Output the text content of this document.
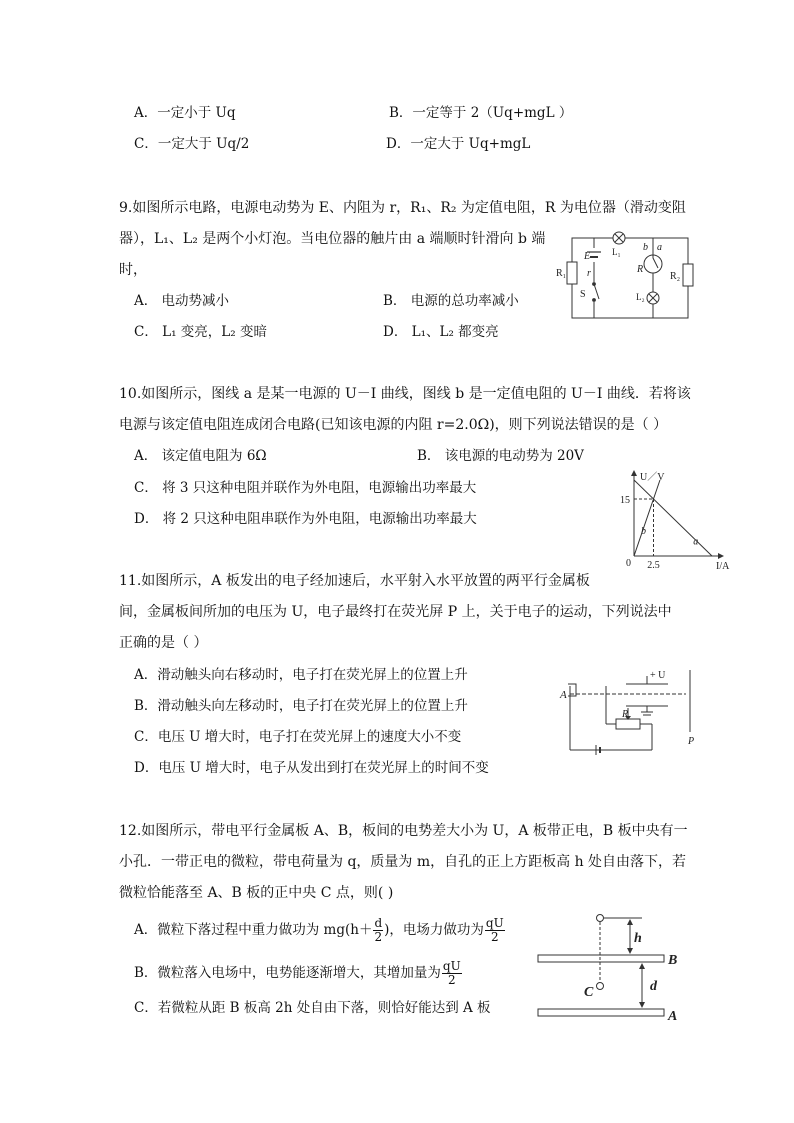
A．一定小于 Uq	B．一定等于 2（Uq+mgL ）
C．一定大于 Uq/2	D．一定大于 Uq+mgL
9.如图所示电路，电源电动势为 E、内阻为 r，R₁、R₂ 为定值电阻，R 为电位器（滑动变阻
器），L₁、L₂ 是两个小灯泡。当电位器的触片由 a 端顺时针滑向 b 端
时，
A． 电动势减小	B． 电源的总功率减小
C． L₁ 变亮，L₂ 变暗	D． L₁、L₂ 都变亮
E
r
S
R₁	R₂
R
L₁
L₂
a
b
10.如图所示，图线 a 是某一电源的 U－I 曲线，图线 b 是一定值电阻的 U－I 曲线．若将该
电源与该定值电阻连成闭合电路(已知该电源的内阻 r=2.0Ω)，则下列说法错误的是（ ）
A． 该定值电阻为 6Ω	B． 该电源的电动势为 20V
C． 将 3 只这种电阻并联作为外电阻，电源输出功率最大
D． 将 2 只这种电阻串联作为外电阻，电源输出功率最大
U／V
I/A
0
15
2.5
a
b
11.如图所示，A 板发出的电子经加速后，水平射入水平放置的两平行金属板
间，金属板间所加的电压为 U，电子最终打在荧光屏 P 上，关于电子的运动，下列说法中
正确的是（ ）
A．滑动触头向右移动时，电子打在荧光屏上的位置上升
B．滑动触头向左移动时，电子打在荧光屏上的位置上升
C．电压 U 增大时，电子打在荧光屏上的速度大小不变
D．电压 U 增大时，电子从发出到打在荧光屏上的时间不变
A
+ U
R
P
12.如图所示，带电平行金属板 A、B，板间的电势差大小为 U，A 板带正电，B 板中央有一
小孔．一带正电的微粒，带电荷量为 q，质量为 m，自孔的正上方距板高 h 处自由落下，若
微粒恰能落至 A、B 板的正中央 C 点，则( )
A．微粒下落过程中重力做功为 $mg(h+ \frac{d}{2}$ )，电场力做功为 $\frac{qU}{2}$
B．微粒落入电场中，电势能逐渐增大，其增加量为 $\frac{qU}{2}$
C．若微粒从距 B 板高 2h 处自由下落，则恰好能达到 A 板
h
d
B
A
C
